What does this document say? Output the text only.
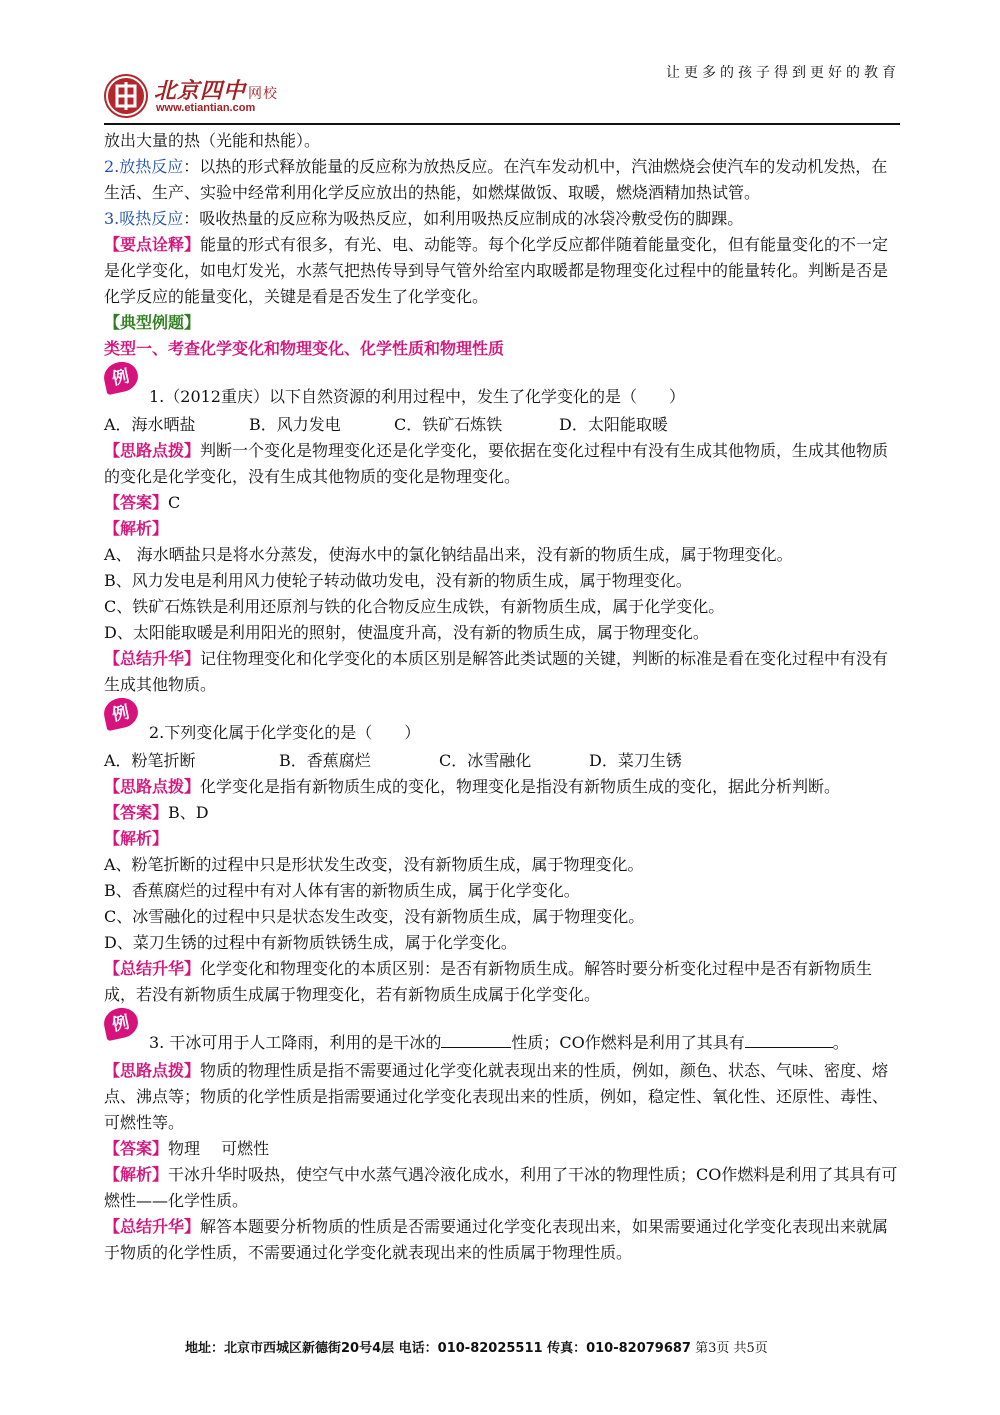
北京四中 网校
www.etiantian.com
让更多的孩子得到更好的教育

放出大量的热（光能和热能）。

2.放热反应：以热的形式释放能量的反应称为放热反应。在汽车发动机中，汽油燃烧会使汽车的发动机发热，在生活、生产、实验中经常利用化学反应放出的热能，如燃煤做饭、取暖，燃烧酒精加热试管。

3.吸热反应：吸收热量的反应称为吸热反应，如利用吸热反应制成的冰袋冷敷受伤的脚踝。

【要点诠释】能量的形式有很多，有光、电、动能等。每个化学反应都伴随着能量变化，但有能量变化的不一定是化学变化，如电灯发光，水蒸气把热传导到导气管外给室内取暖都是物理变化过程中的能量转化。判断是否是化学反应的能量变化，关键是看是否发生了化学变化。

【典型例题】

类型一、考查化学变化和物理变化、化学性质和物理性质

例
1.（2012重庆）以下自然资源的利用过程中，发生了化学变化的是（　　）

A．海水晒盐	B．风力发电	C．铁矿石炼铁	D．太阳能取暖

【思路点拨】判断一个变化是物理变化还是化学变化，要依据在变化过程中有没有生成其他物质，生成其他物质的变化是化学变化，没有生成其他物质的变化是物理变化。

【答案】C

【解析】

A、 海水晒盐只是将水分蒸发，使海水中的氯化钠结晶出来，没有新的物质生成，属于物理变化。

B、风力发电是利用风力使轮子转动做功发电，没有新的物质生成，属于物理变化。

C、铁矿石炼铁是利用还原剂与铁的化合物反应生成铁，有新物质生成，属于化学变化。

D、太阳能取暖是利用阳光的照射，使温度升高，没有新的物质生成，属于物理变化。

【总结升华】记住物理变化和化学变化的本质区别是解答此类试题的关键，判断的标准是看在变化过程中有没有生成其他物质。

例
2.下列变化属于化学变化的是（　　）

A．粉笔折断	B．香蕉腐烂	C．冰雪融化	D．菜刀生锈

【思路点拨】化学变化是指有新物质生成的变化，物理变化是指没有新物质生成的变化，据此分析判断。

【答案】B、D

【解析】

A、粉笔折断的过程中只是形状发生改变，没有新物质生成，属于物理变化。

B、香蕉腐烂的过程中有对人体有害的新物质生成，属于化学变化。

C、冰雪融化的过程中只是状态发生改变，没有新物质生成，属于物理变化。

D、菜刀生锈的过程中有新物质铁锈生成，属于化学变化。

【总结升华】化学变化和物理变化的本质区别：是否有新物质生成。解答时要分析变化过程中是否有新物质生成，若没有新物质生成属于物理变化，若有新物质生成属于化学变化。

例
3. 干冰可用于人工降雨，利用的是干冰的	性质；CO作燃料是利用了其具有	。

【思路点拨】物质的物理性质是指不需要通过化学变化就表现出来的性质，例如，颜色、状态、气味、密度、熔点、沸点等；物质的化学性质是指需要通过化学变化表现出来的性质，例如，稳定性、氧化性、还原性、毒性、可燃性等。

【答案】物理　 可燃性

【解析】干冰升华时吸热，使空气中水蒸气遇冷液化成水，利用了干冰的物理性质；CO作燃料是利用了其具有可燃性——化学性质。

【总结升华】解答本题要分析物质的性质是否需要通过化学变化表现出来，如果需要通过化学变化表现出来就属于物质的化学性质，不需要通过化学变化就表现出来的性质属于物理性质。

地址：北京市西城区新德街20号4层 电话：010-82025511 传真：010-82079687 第3页 共5页
